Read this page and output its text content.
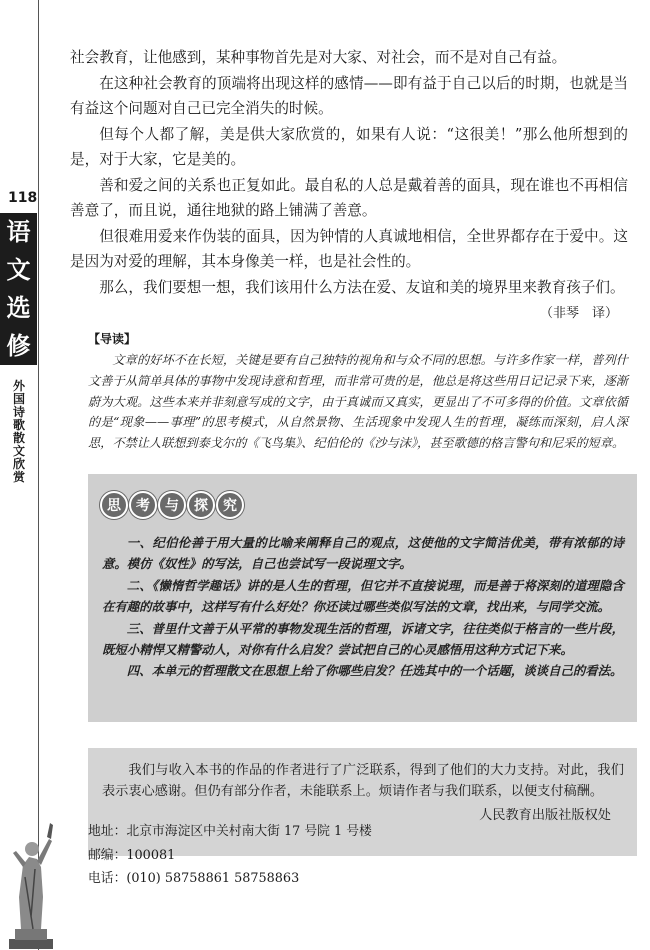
118
语
文
选
修
外
国
诗
歌
散
文
欣
赏

社会教育，让他感到，某种事物首先是对大家、对社会，而不是对自己有益。

在这种社会教育的顶端将出现这样的感情——即有益于自己以后的时期，也就是当有益这个问题对自己已完全消失的时候。

但每个人都了解，美是供大家欣赏的，如果有人说：“这很美！”那么他所想到的是，对于大家，它是美的。

善和爱之间的关系也正复如此。最自私的人总是戴着善的面具，现在谁也不再相信善意了，而且说，通往地狱的路上铺满了善意。

但很难用爱来作伪装的面具，因为钟情的人真诚地相信，全世界都存在于爱中。这是因为对爱的理解，其本身像美一样，也是社会性的。

那么，我们要想一想，我们该用什么方法在爱、友谊和美的境界里来教育孩子们。

（非琴　译）
【导读】

文章的好坏不在长短，关键是要有自己独特的视角和与众不同的思想。与许多作家一样，普列什文善于从简单具体的事物中发现诗意和哲理，而非常可贵的是，他总是将这些用日记记录下来，逐渐蔚为大观。这些本来并非刻意写成的文字，由于真诚而又真实，更显出了不可多得的价值。文章依循的是“现象——事理”的思考模式，从自然景物、生活现象中发现人生的哲理，凝练而深刻，启人深思，不禁让人联想到泰戈尔的《飞鸟集》、纪伯伦的《沙与沫》，甚至歌德的格言警句和尼采的短章。

思	考	与	探	究

一、纪伯伦善于用大量的比喻来阐释自己的观点，这使他的文字简洁优美，带有浓郁的诗意。模仿《奴性》的写法，自己也尝试写一段说理文字。

二、《懒惰哲学趣话》讲的是人生的哲理，但它并不直接说理，而是善于将深刻的道理隐含在有趣的故事中，这样写有什么好处？你还读过哪些类似写法的文章，找出来，与同学交流。

三、普里什文善于从平常的事物发现生活的哲理，诉诸文字，往往类似于格言的一些片段，既短小精悍又精警动人，对你有什么启发？尝试把自己的心灵感悟用这种方式记下来。

四、本单元的哲理散文在思想上给了你哪些启发？任选其中的一个话题，谈谈自己的看法。

我们与收入本书的作品的作者进行了广泛联系，得到了他们的大力支持。对此，我们表示衷心感谢。但仍有部分作者，未能联系上。烦请作者与我们联系，以便支付稿酬。

人民教育出版社版权处
地址：北京市海淀区中关村南大街 17 号院 1 号楼
邮编：100081
电话：(010) 58758861 58758863
